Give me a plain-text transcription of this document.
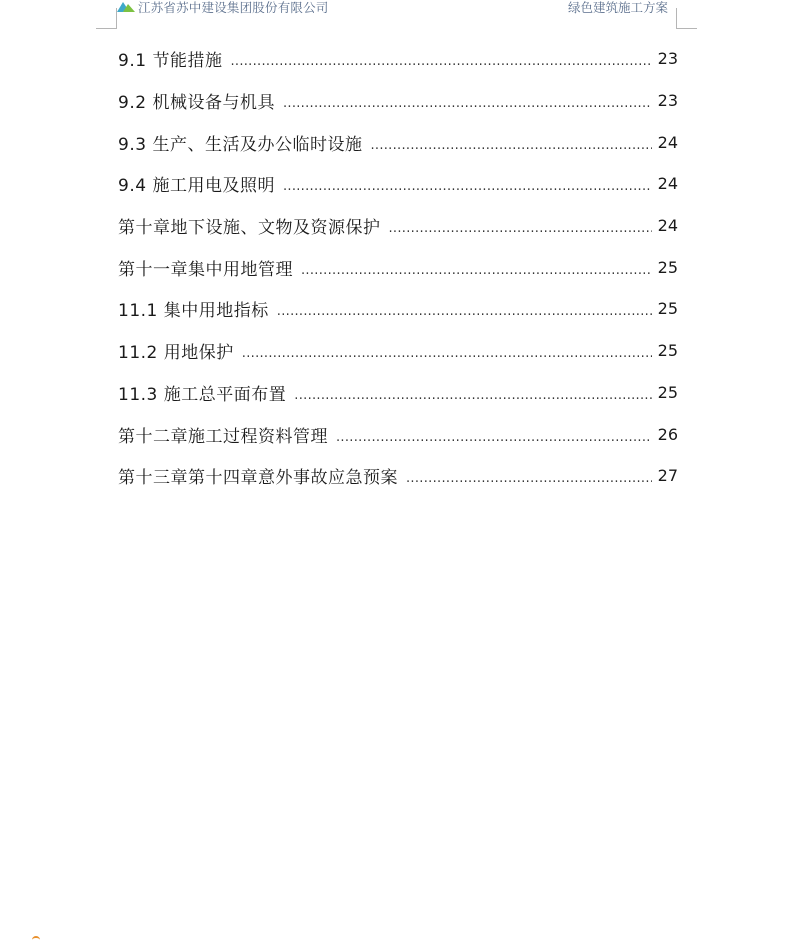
江苏省苏中建设集团股份有限公司	绿色建筑施工方案
9.1 节能措施 .....	23
9.2 机械设备与机具 .....	23
9.3 生产、生活及办公临时设施 .....	24
9.4 施工用电及照明 .....	24
第十章地下设施、文物及资源保护 .....	24
第十一章集中用地管理 .....	25
11.1 集中用地指标 .....	25
11.2 用地保护 .....	25
11.3 施工总平面布置 .....	25
第十二章施工过程资料管理 .....	26
第十三章第十四章意外事故应急预案 .....	27
